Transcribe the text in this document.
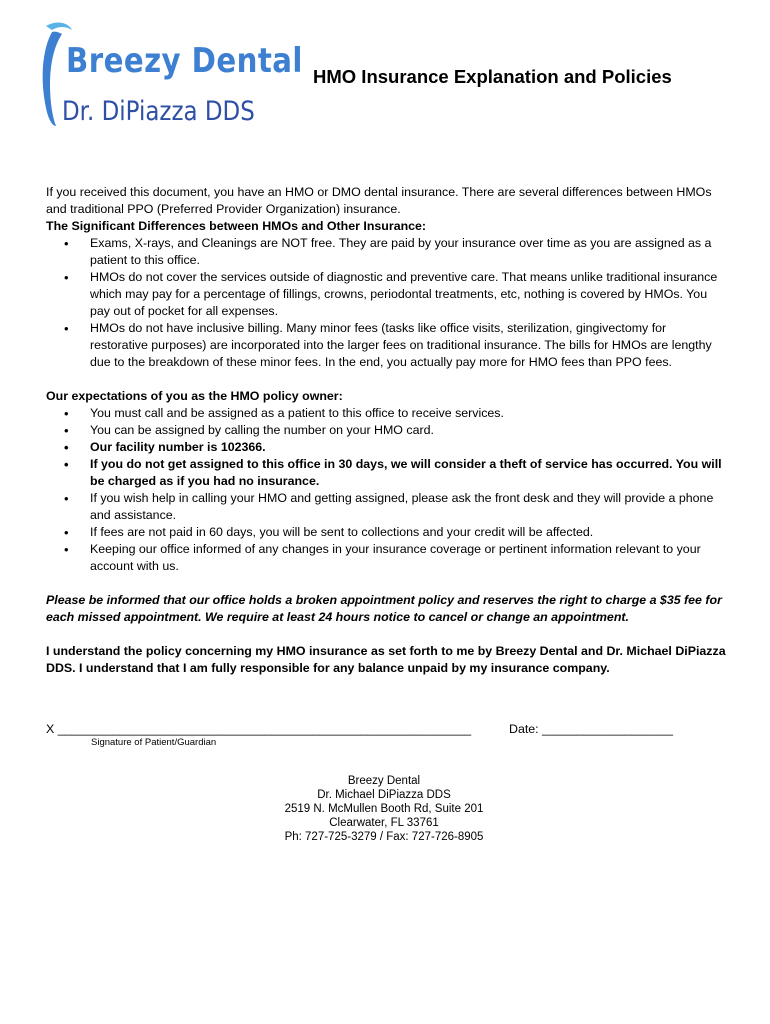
Breezy Dental
Dr. DiPiazza DDS
HMO Insurance Explanation and Policies

If you received this document, you have an HMO or DMO dental insurance. There are several differences between HMOs and traditional PPO (Preferred Provider Organization) insurance.

The Significant Differences between HMOs and Other Insurance:

• Exams, X-rays, and Cleanings are NOT free. They are paid by your insurance over time as you are assigned as a patient to this office.
• HMOs do not cover the services outside of diagnostic and preventive care. That means unlike traditional insurance which may pay for a percentage of fillings, crowns, periodontal treatments, etc, nothing is covered by HMOs. You pay out of pocket for all expenses.
• HMOs do not have inclusive billing. Many minor fees (tasks like office visits, sterilization, gingivectomy for restorative purposes) are incorporated into the larger fees on traditional insurance. The bills for HMOs are lengthy due to the breakdown of these minor fees. In the end, you actually pay more for HMO fees than PPO fees.

Our expectations of you as the HMO policy owner:

• You must call and be assigned as a patient to this office to receive services.
• You can be assigned by calling the number on your HMO card.
• Our facility number is 102366.
• If you do not get assigned to this office in 30 days, we will consider a theft of service has occurred. You will be charged as if you had no insurance.
• If you wish help in calling your HMO and getting assigned, please ask the front desk and they will provide a phone and assistance.
• If fees are not paid in 60 days, you will be sent to collections and your credit will be affected.
• Keeping our office informed of any changes in your insurance coverage or pertinent information relevant to your account with us.

Please be informed that our office holds a broken appointment policy and reserves the right to charge a $35 fee for each missed appointment. We require at least 24 hours notice to cancel or change an appointment.

I understand the policy concerning my HMO insurance as set forth to me by Breezy Dental and Dr. Michael DiPiazza DDS. I understand that I am fully responsible for any balance unpaid by my insurance company.

X ____________________________________________________________
Signature of Patient/Guardian
Date: ___________________
Breezy Dental
Dr. Michael DiPiazza DDS
2519 N. McMullen Booth Rd, Suite 201
Clearwater, FL 33761
Ph: 727-725-3279 / Fax: 727-726-8905
